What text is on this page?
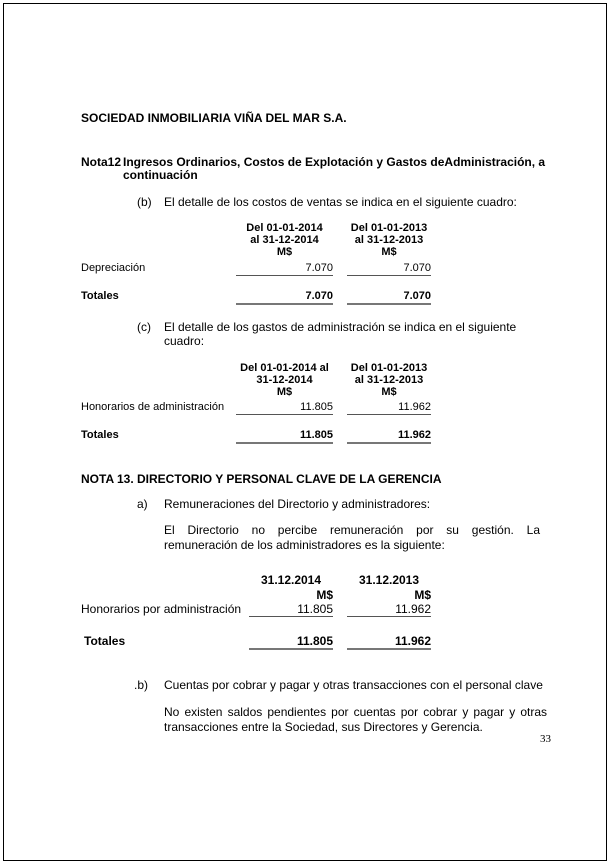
SOCIEDAD INMOBILIARIA VIÑA DEL MAR S.A.
Nota12 Ingresos Ordinarios, Costos de Explotación y Gastos deAdministración, a
continuación
(b) El detalle de los costos de ventas se indica en el siguiente cuadro:
Del 01-01-2014
al 31-12-2014
M$
Del 01-01-2013
al 31-12-2013
M$
Depreciación	7.070	7.070
Totales	7.070	7.070
(c) El detalle de los gastos de administración se indica en el siguiente
cuadro:
Del 01-01-2014 al
31-12-2014
M$
Del 01-01-2013
al 31-12-2013
M$
Honorarios de administración	11.805	11.962
Totales	11.805	11.962
NOTA 13. DIRECTORIO Y PERSONAL CLAVE DE LA GERENCIA
a) Remuneraciones del Directorio y administradores:
El Directorio no percibe remuneración por su gestión. La remuneración de los administradores es la siguiente:
31.12.2014	31.12.2013
M$	M$
Honorarios por administración	11.805	11.962
Totales	11.805	11.962
.b) Cuentas por cobrar y pagar y otras transacciones con el personal clave
No existen saldos pendientes por cuentas por cobrar y pagar y otras transacciones entre la Sociedad, sus Directores y Gerencia.
33
